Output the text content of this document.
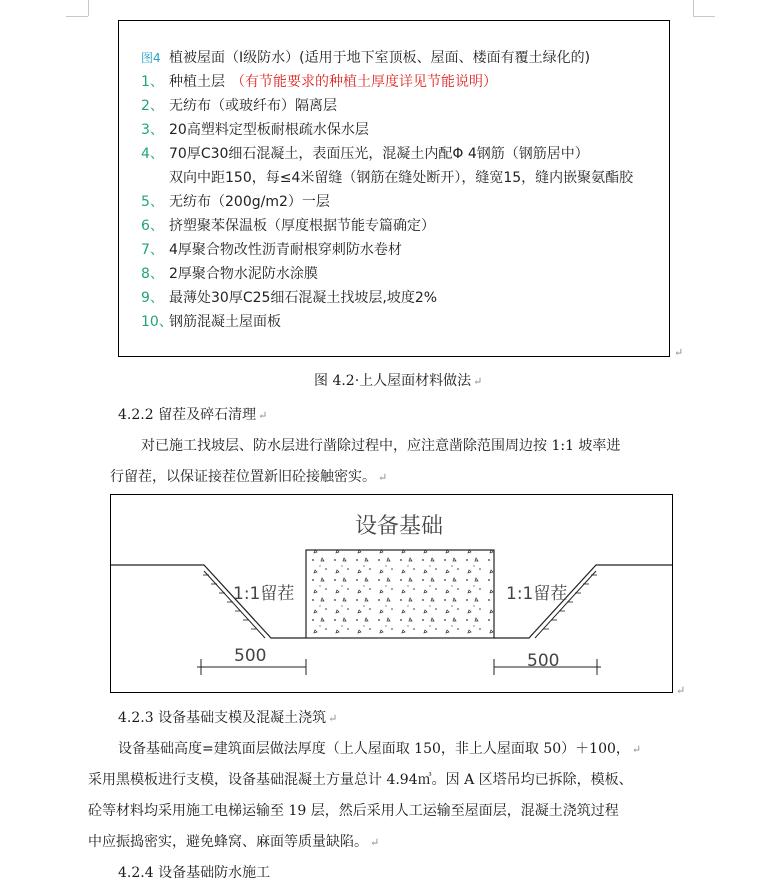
图4 植被屋面（Ⅰ级防水）(适用于地下室顶板、屋面、楼面有覆土绿化的)
1、 种植土层 （有节能要求的种植土厚度详见节能说明）
2、 无纺布（或玻纤布）隔离层
3、 20高塑料定型板耐根疏水保水层
4、 70厚C30细石混凝土，表面压光，混凝土内配Φ 4钢筋（钢筋居中）
双向中距150，每≤4米留缝（钢筋在缝处断开），缝宽15，缝内嵌聚氨酯胶
5、 无纺布（200g/m2）一层
6、 挤塑聚苯保温板（厚度根据节能专篇确定）
7、 4厚聚合物改性沥青耐根穿刺防水卷材
8、 2厚聚合物水泥防水涂膜
9、 最薄处30厚C25细石混凝土找坡层,坡度2%
10、钢筋混凝土屋面板
↵
图 4.2·上人屋面材料做法 ↵
4.2.2 留茬及碎石清理 ↵
对已施工找坡层、防水层进行凿除过程中，应注意凿除范围周边按 1:1 坡率进
行留茬，以保证接茬位置新旧砼接触密实。 ↵
设备基础
1:1留茬	1:1留茬
500	500
↵
4.2.3 设备基础支模及混凝土浇筑 ↵
设备基础高度=建筑面层做法厚度（上人屋面取 150，非上人屋面取 50）＋100， ↵
采用黑模板进行支模，设备基础混凝土方量总计 4.94㎥。因 A 区塔吊均已拆除，模板、
砼等材料均采用施工电梯运输至 19 层，然后采用人工运输至屋面层，混凝土浇筑过程
中应振捣密实，避免蜂窝、麻面等质量缺陷。 ↵
4.2.4 设备基础防水施工
